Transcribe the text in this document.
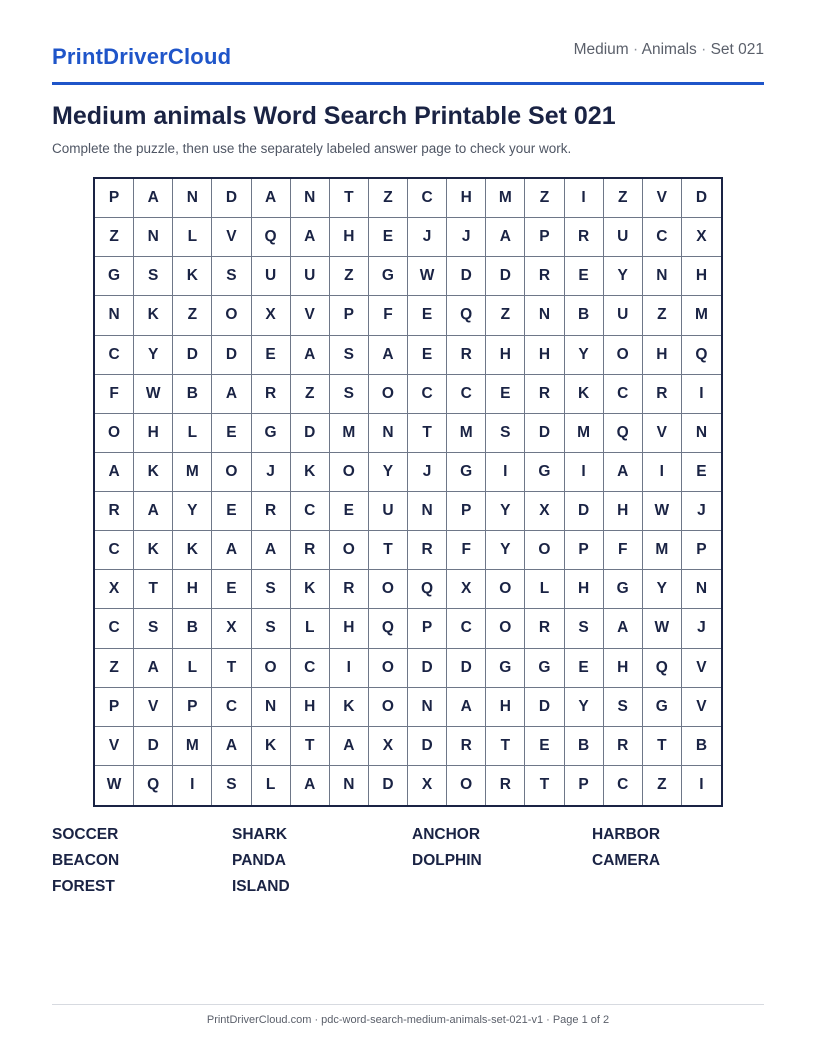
PrintDriverCloud	Medium · Animals · Set 021
Medium animals Word Search Printable Set 021
Complete the puzzle, then use the separately labeled answer page to check your work.
P	A	N	D	A	N	T	Z	C	H	M	Z	I	Z	V	D
Z	N	L	V	Q	A	H	E	J	J	A	P	R	U	C	X
G	S	K	S	U	U	Z	G	W	D	D	R	E	Y	N	H
N	K	Z	O	X	V	P	F	E	Q	Z	N	B	U	Z	M
C	Y	D	D	E	A	S	A	E	R	H	H	Y	O	H	Q
F	W	B	A	R	Z	S	O	C	C	E	R	K	C	R	I
O	H	L	E	G	D	M	N	T	M	S	D	M	Q	V	N
A	K	M	O	J	K	O	Y	J	G	I	G	I	A	I	E
R	A	Y	E	R	C	E	U	N	P	Y	X	D	H	W	J
C	K	K	A	A	R	O	T	R	F	Y	O	P	F	M	P
X	T	H	E	S	K	R	O	Q	X	O	L	H	G	Y	N
C	S	B	X	S	L	H	Q	P	C	O	R	S	A	W	J
Z	A	L	T	O	C	I	O	D	D	G	G	E	H	Q	V
P	V	P	C	N	H	K	O	N	A	H	D	Y	S	G	V
V	D	M	A	K	T	A	X	D	R	T	E	B	R	T	B
W	Q	I	S	L	A	N	D	X	O	R	T	P	C	Z	I
SOCCER	SHARK	ANCHOR	HARBOR
BEACON	PANDA	DOLPHIN	CAMERA
FOREST	ISLAND
PrintDriverCloud.com · pdc-word-search-medium-animals-set-021-v1 · Page 1 of 2
